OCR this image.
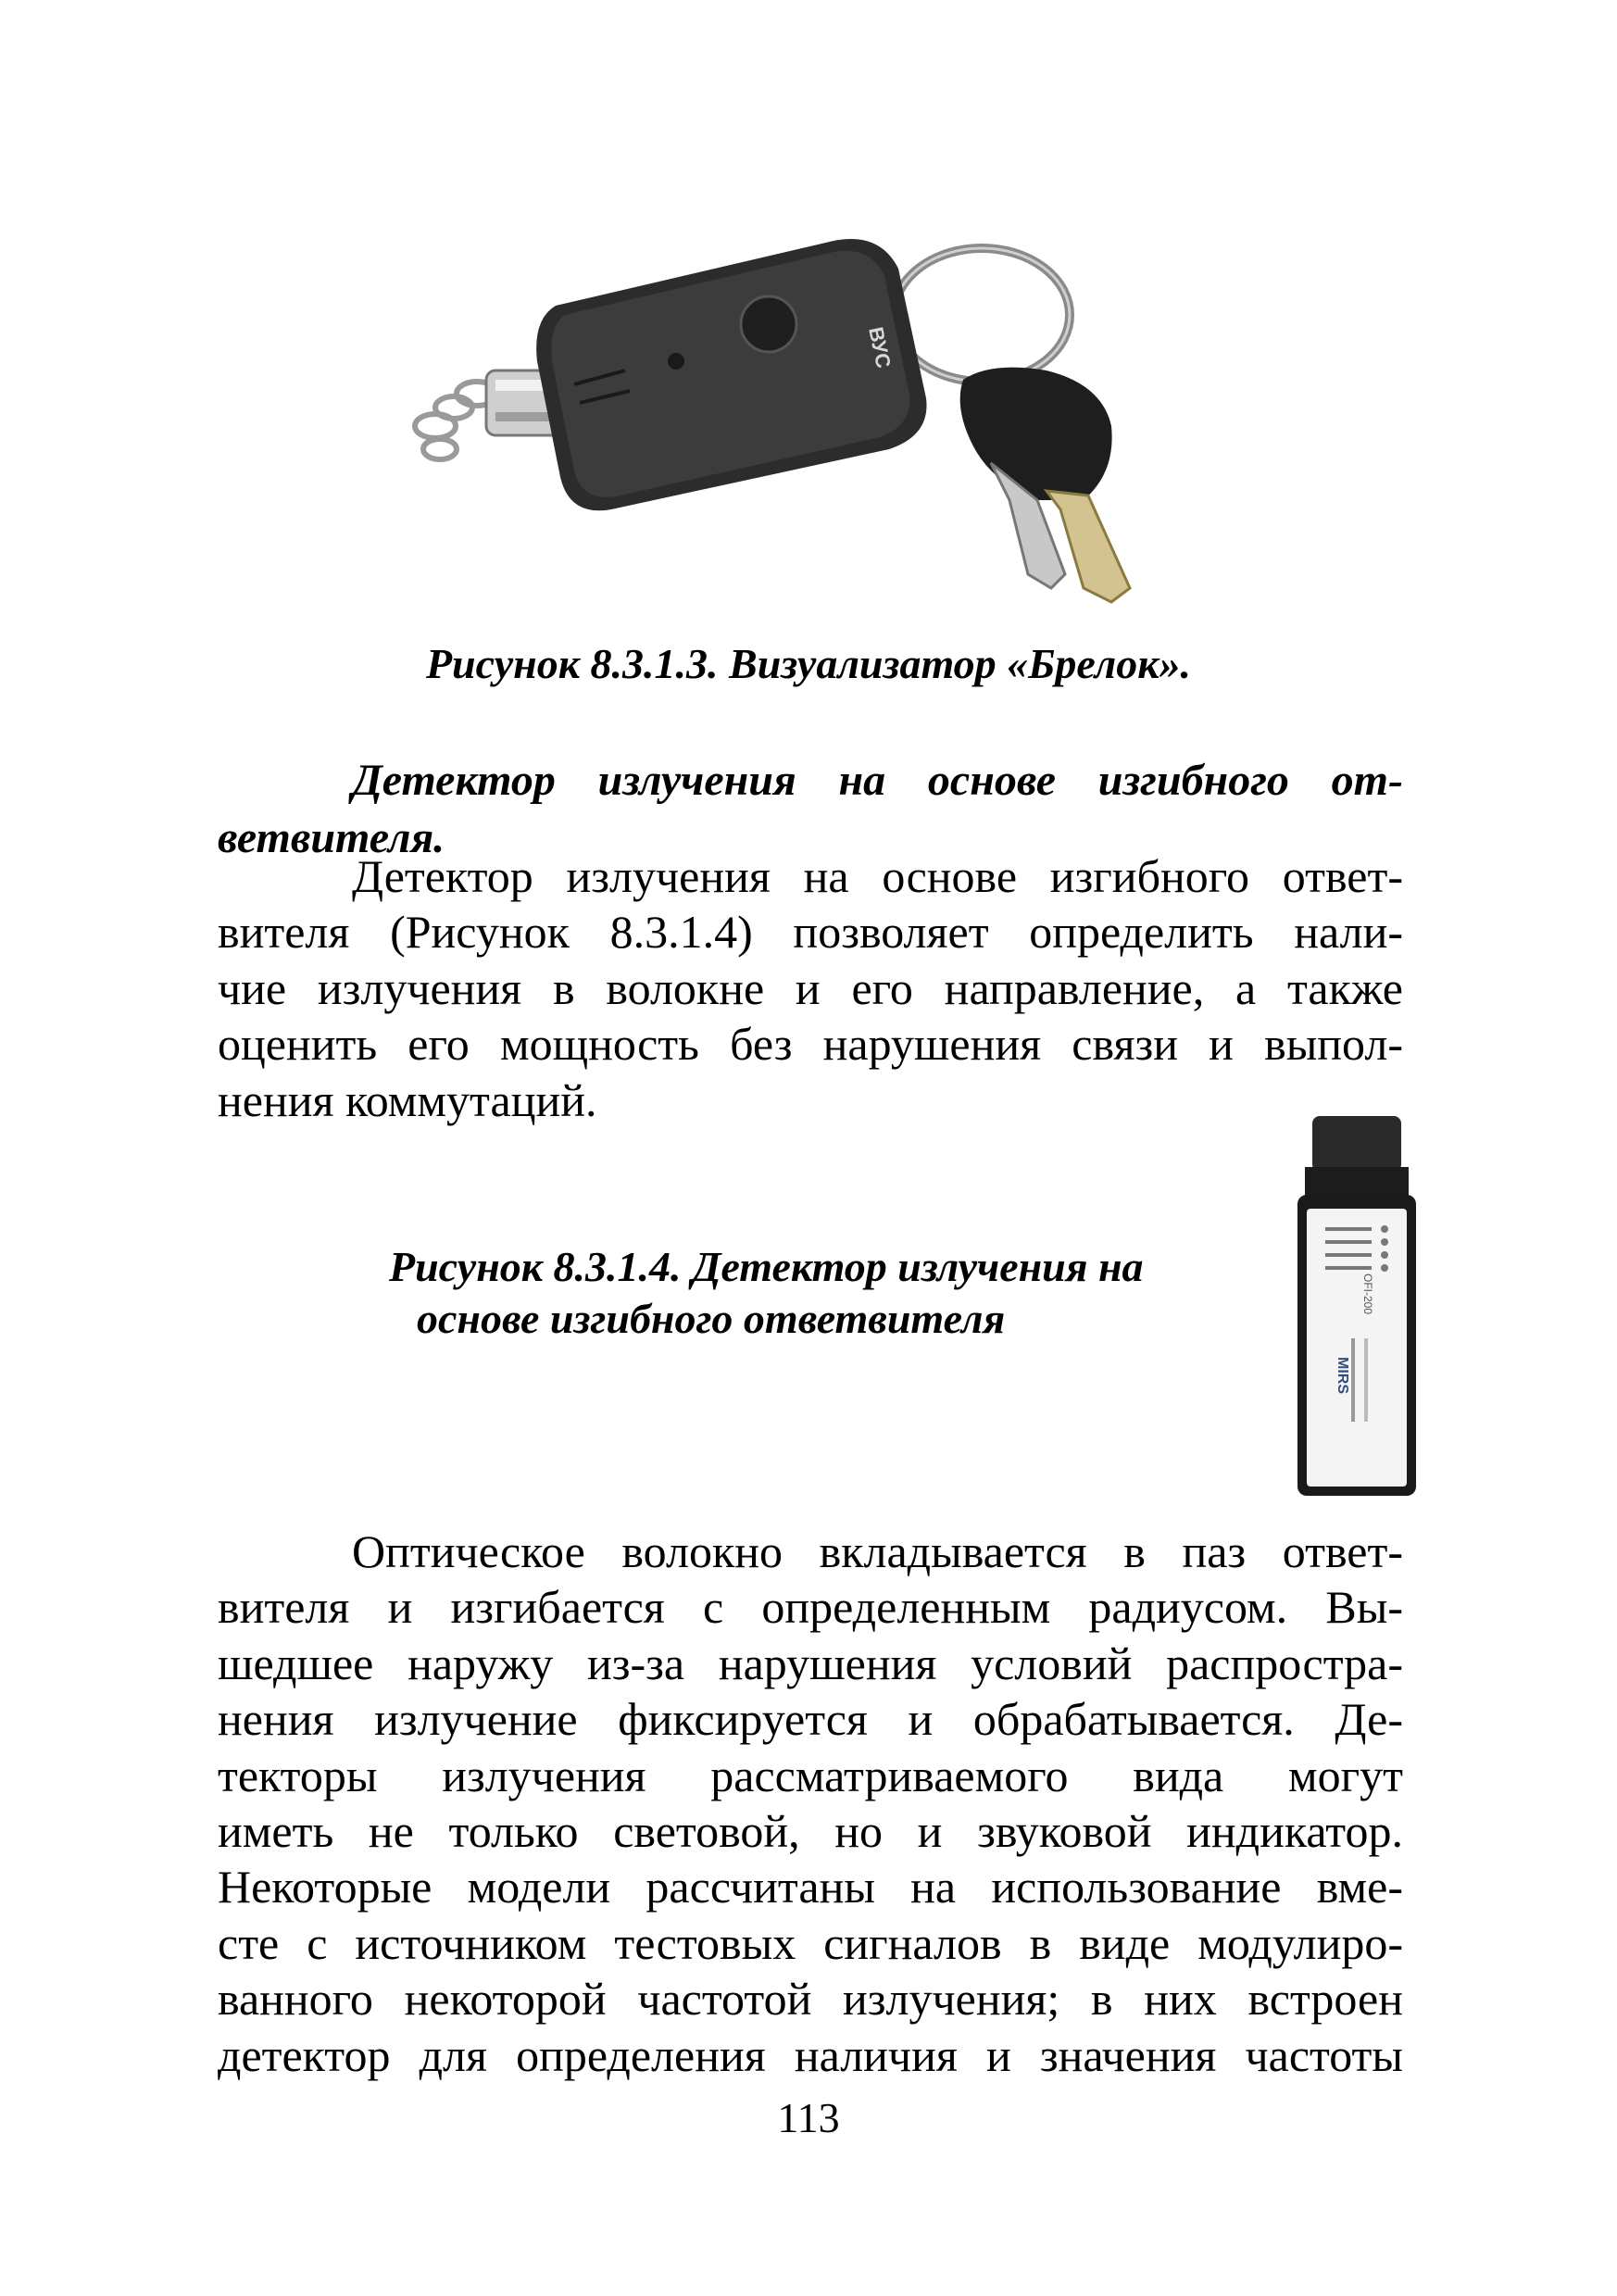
ВУС
Рисунок 8.3.1.3. Визуализатор «Брелок».
Детектор излучения на основе изгибного от-
ветвителя.
Детектор излучения на основе изгибного ответ-
вителя (Рисунок 8.3.1.4) позволяет определить нали-
чие излучения в волокне и его направление, а также
оценить его мощность без нарушения связи и выпол-
нения коммутаций.
Рисунок 8.3.1.4. Детектор излучения на
основе изгибного ответвителя
OFI-200
MIRS
Оптическое волокно вкладывается в паз ответ-
вителя и изгибается с определенным радиусом. Вы-
шедшее наружу из-за нарушения условий распростра-
нения излучение фиксируется и обрабатывается. Де-
текторы излучения рассматриваемого вида могут
иметь не только световой, но и звуковой индикатор.
Некоторые модели рассчитаны на использование вме-
сте с источником тестовых сигналов в виде модулиро-
ванного некоторой частотой излучения; в них встроен
детектор для определения наличия и значения частоты
113
